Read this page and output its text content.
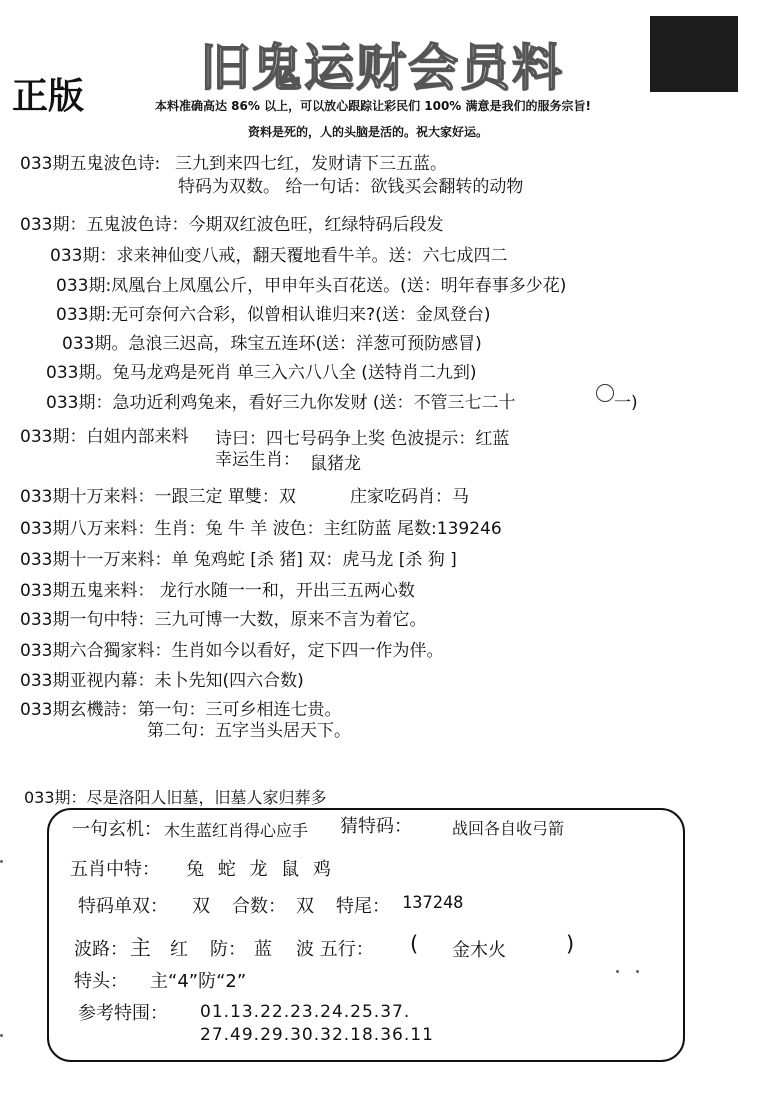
旧鬼运财会员料
正版	本料准确高达 86% 以上，可以放心跟踪让彩民们 100% 满意是我们的服务宗旨!
资料是死的，人的头脑是活的。祝大家好运。
033期五鬼波色诗: 三九到来四七红，发财请下三五蓝。
特码为双数。 给一句话：欲钱买会翻转的动物
033期：五鬼波色诗：今期双红波色旺，红绿特码后段发
033期：求来神仙变八戒，翻天覆地看牛羊。送：六七成四二
033期:凤凰台上凤凰公斤，甲申年头百花送。(送：明年春事多少花)
033期:无可奈何六合彩，似曾相认谁归来?(送：金凤登台)
033期。急浪三迟高，珠宝五连环(送：洋葱可预防感冒)
033期。兔马龙鸡是死肖 单三入六八八全 (送特肖二九到)
033期：急功近利鸡兔来，看好三九你发财 (送：不管三七二十	一)
033期：白姐内部来料 诗曰：四七号码争上奖 色波提示：红蓝
幸运生肖： 鼠猪龙
033期十万来料：一跟三定 單雙：双	庄家吃码肖：马
033期八万来料：生肖：兔 牛 羊 波色：主红防蓝 尾数:139246
033期十一万来料：单 兔鸡蛇 [杀 猪] 双：虎马龙 [杀 狗 ]
033期五鬼来料： 龙行水随一一和，开出三五两心数
033期一句中特：三九可博一大数，原来不言为着它。
033期六合獨家料：生肖如今以看好，定下四一作为伴。
033期亚视内幕：未卜先知(四六合数)
033期玄機詩：第一句：三可乡相连七贵。
第二句：五字当头居天下。
033期：尽是洛阳人旧墓，旧墓人家归葬多
一句玄机： 木生蓝红肖得心应手 猜特码：	战回各自收弓箭
五肖中特： 兔 蛇 龙 鼠 鸡
特码单双： 双 合数： 双 特尾： 137248
波路： 主 红 防： 蓝 波 五行： ( 金木火	)
特头： 主“4”防“2”
参考特围： 01.13.22.23.24.25.37.
27.49.29.30.32.18.36.11
